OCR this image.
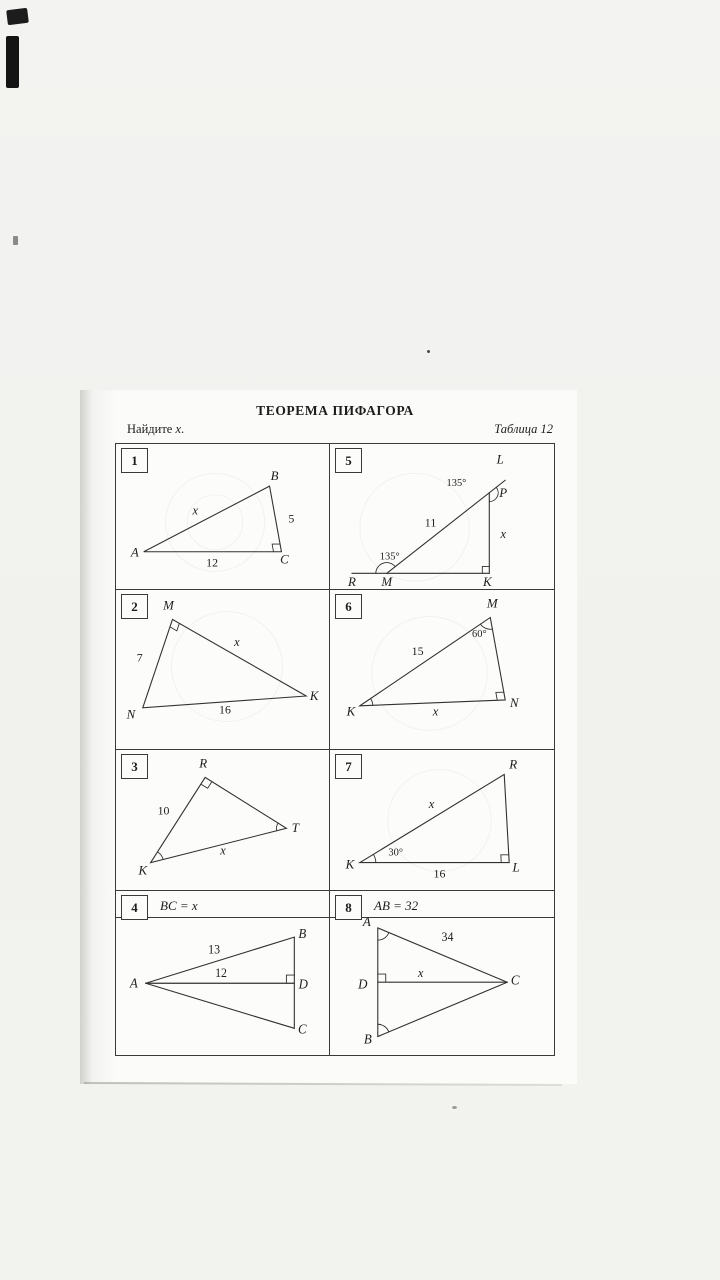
ТЕОРЕМА ПИФАГОРА
Найдите x.	Таблица 12
1
A
B
C
x
5
12
5	L
P
135°
11
x
135°
R M	K
2	M
N
K
7
x
16
6
K
N
M
60°
15
x
3
K
R
T
10
x
7
K	L
R
30°
x
16
BC = x
4
A
B
C
D
13
12
AB = 32
8
A
B
D	C
34
x
